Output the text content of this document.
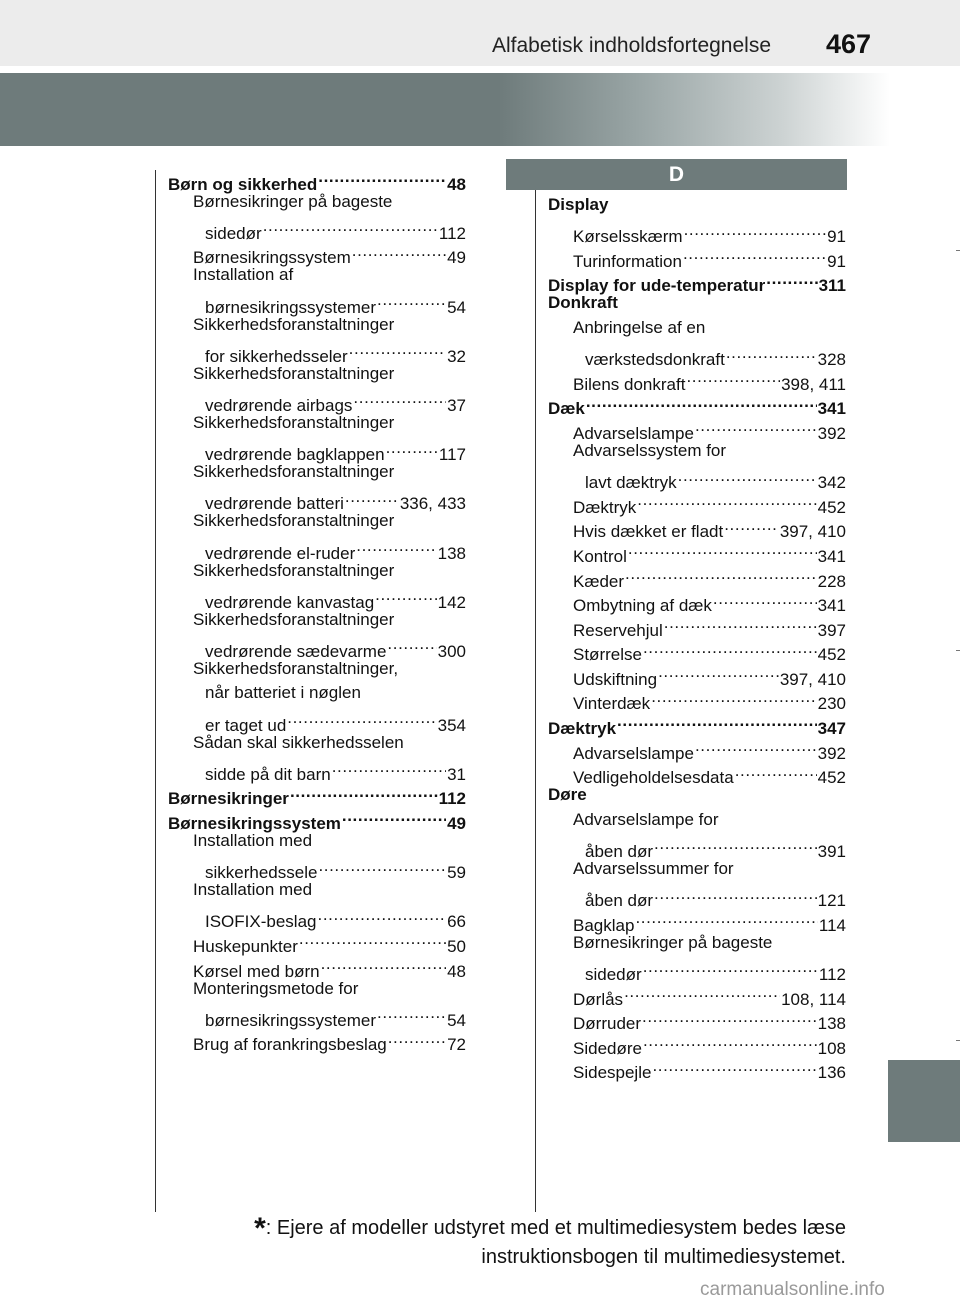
Alfabetisk indholdsfortegnelse 467
D
Børn og sikkerhed .....	48
Børnesikringer på bageste
sidedør .....	112
Børnesikringssystem .....	49
Installation af
børnesikringssystemer .....	54
Sikkerhedsforanstaltninger
for sikkerhedsseler .....	32
Sikkerhedsforanstaltninger
vedrørende airbags .....	37
Sikkerhedsforanstaltninger
vedrørende bagklappen .....	117
Sikkerhedsforanstaltninger
vedrørende batteri .....	336, 433
Sikkerhedsforanstaltninger
vedrørende el-ruder .....	138
Sikkerhedsforanstaltninger
vedrørende kanvastag .....	142
Sikkerhedsforanstaltninger
vedrørende sædevarme .....	300
Sikkerhedsforanstaltninger,
når batteriet i nøglen
er taget ud .....	354
Sådan skal sikkerhedsselen
sidde på dit barn .....	31
Børnesikringer .....	112
Børnesikringssystem .....	49
Installation med
sikkerhedssele .....	59
Installation med
ISOFIX-beslag .....	66
Huskepunkter .....	50
Kørsel med børn .....	48
Monteringsmetode for
børnesikringssystemer .....	54
Brug af forankringsbeslag .....	72
Display
Kørselsskærm .....	91
Turinformation .....	91
Display for ude-temperatur .....	311
Donkraft
Anbringelse af en
værkstedsdonkraft .....	328
Bilens donkraft .....	398, 411
Dæk .....	341
Advarselslampe .....	392
Advarselssystem for
lavt dæktryk .....	342
Dæktryk .....	452
Hvis dækket er fladt .....	397, 410
Kontrol .....	341
Kæder .....	228
Ombytning af dæk .....	341
Reservehjul .....	397
Størrelse .....	452
Udskiftning .....	397, 410
Vinterdæk .....	230
Dæktryk .....	347
Advarselslampe .....	392
Vedligeholdelsesdata .....	452
Døre
Advarselslampe for
åben dør .....	391
Advarselssummer for
åben dør .....	121
Bagklap .....	114
Børnesikringer på bageste
sidedør .....	112
Dørlås .....	108, 114
Dørruder .....	138
Sidedøre .....	108
Sidespejle .....	136
*: Ejere af modeller udstyret med et multimediesystem bedes læse
instruktionsbogen til multimediesystemet.
carmanualsonline.info
